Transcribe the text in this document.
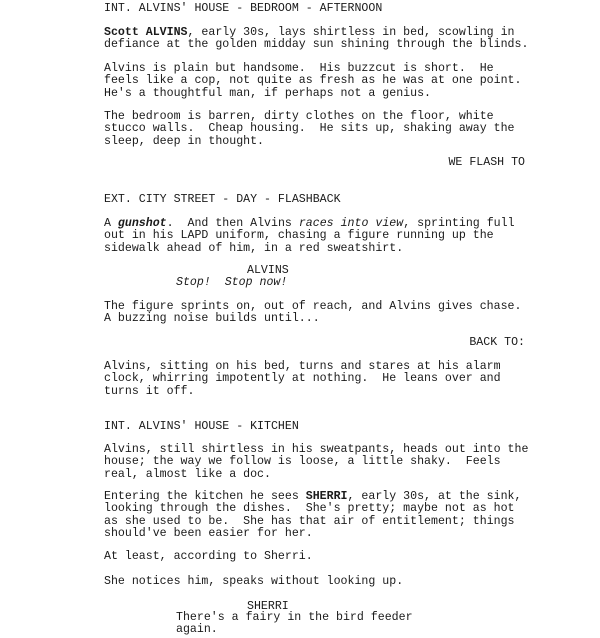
INT. ALVINS' HOUSE - BEDROOM - AFTERNOON
Scott ALVINS, early 30s, lays shirtless in bed, scowling in
defiance at the golden midday sun shining through the blinds.
Alvins is plain but handsome.  His buzzcut is short.  He
feels like a cop, not quite as fresh as he was at one point.
He's a thoughtful man, if perhaps not a genius.
The bedroom is barren, dirty clothes on the floor, white
stucco walls.  Cheap housing.  He sits up, shaking away the
sleep, deep in thought.
WE FLASH TO
EXT. CITY STREET - DAY - FLASHBACK
A gunshot.  And then Alvins races into view, sprinting full
out in his LAPD uniform, chasing a figure running up the
sidewalk ahead of him, in a red sweatshirt.
ALVINS
Stop!  Stop now!
The figure sprints on, out of reach, and Alvins gives chase.
A buzzing noise builds until...
BACK TO:
Alvins, sitting on his bed, turns and stares at his alarm
clock, whirring impotently at nothing.  He leans over and
turns it off.
INT. ALVINS' HOUSE - KITCHEN
Alvins, still shirtless in his sweatpants, heads out into the
house; the way we follow is loose, a little shaky.  Feels
real, almost like a doc.
Entering the kitchen he sees SHERRI, early 30s, at the sink,
looking through the dishes.  She's pretty; maybe not as hot
as she used to be.  She has that air of entitlement; things
should've been easier for her.
At least, according to Sherri.
She notices him, speaks without looking up.
SHERRI
There's a fairy in the bird feeder
again.
